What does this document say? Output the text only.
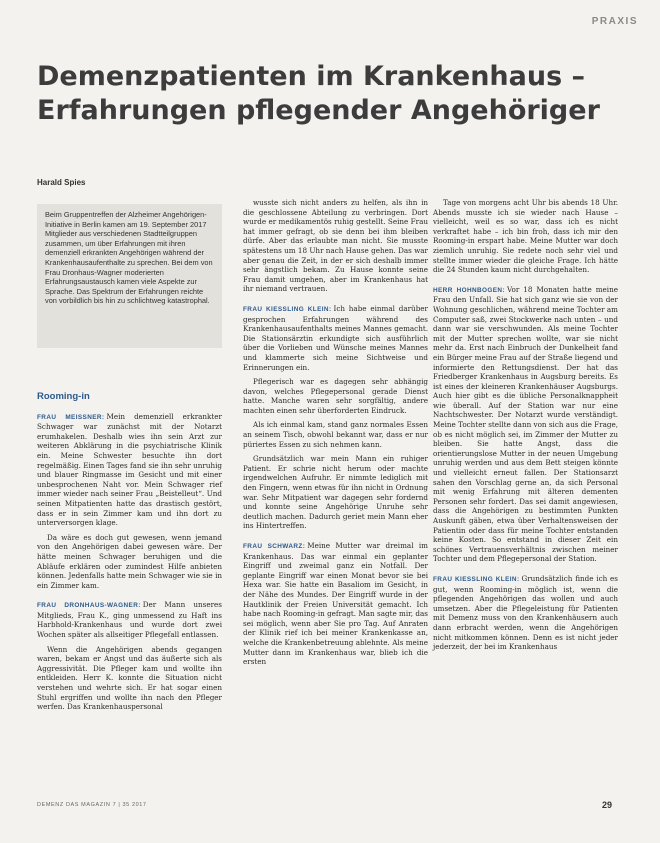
PRAXIS
Demenzpatienten im Krankenhaus –
Erfahrungen pflegender Angehöriger
Harald Spies
Beim Gruppentreffen der Alzheimer Angehörigen-Initiative in Berlin kamen am 19. September 2017 Mitglieder aus verschiedenen Stadtteilgruppen zusammen, um über Erfahrungen mit ihren demenziell erkrankten Angehörigen während der Krankenhausaufenthalte zu sprechen. Bei dem von Frau Dronhaus-Wagner moderierten Erfahrungsaustausch kamen viele Aspekte zur Sprache. Das Spektrum der Erfahrungen reichte von vorbildlich bis hin zu schlichtweg katastrophal.
Rooming-in

FRAU MEISSNER: Mein demenziell erkrankter Schwager war zunächst mit der Notarzt erumhakelen. Deshalb wies ihn sein Arzt zur weiteren Abklärung in die psychiatrische Klinik ein. Meine Schwester besuchte ihn dort regelmäßig. Einen Tages fand sie ihn sehr unruhig und blauer Ringmasse im Gesicht und mit einer unbesprochenen Naht vor. Mein Schwager rief immer wieder nach seiner Frau „Beistelleut“. Und seinen Mitpatienten hatte das drastisch gestört, dass er in sein Zimmer kam und ihn dort zu unterversorgen klage.

Da wäre es doch gut gewesen, wenn jemand von den Angehörigen dabei gewesen wäre. Der hätte meinen Schwager beruhigen und die Abläufe erklären oder zumindest Hilfe anbieten können. Jedenfalls hatte mein Schwager wie sie in ein Zimmer kam.

FRAU DRONHAUS-WAGNER: Der Mann unseres Mitglieds, Frau K., ging unmessend zu Haft ins Harbhold-Krankenhaus und wurde dort zwei Wochen später als allseitiger Pflegefall entlassen.

Wenn die Angehörigen abends gegangen waren, bekam er Angst und das äußerte sich als Aggressivität. Die Pfleger kam und wollte ihn entkleiden. Herr K. konnte die Situation nicht verstehen und wehrte sich. Er hat sogar einen Stuhl ergriffen und wollte ihn nach den Pfleger werfen. Das Krankenhauspersonal

wusste sich nicht anders zu helfen, als ihn in die geschlossene Abteilung zu verbringen. Dort wurde er medikamentös ruhig gestellt. Seine Frau hat immer gefragt, ob sie denn bei ihm bleiben dürfe. Aber das erlaubte man nicht. Sie musste spätestens um 18 Uhr nach Hause gehen. Das war aber genau die Zeit, in der er sich deshalb immer sehr ängstlich bekam. Zu Hause konnte seine Frau damit umgehen, aber im Krankenhaus hat ihr niemand vertrauen.

FRAU KIESSLING KLEIN: Ich habe einmal darüber gesprochen Erfahrungen während des Krankenhausaufenthalts meines Mannes gemacht. Die Stationsärztin erkundigte sich ausführlich über die Vorlieben und Wünsche meines Mannes und klammerte sich meine Sichtweise und Erinnerungen ein.

Pflegerisch war es dagegen sehr abhängig davon, welches Pflegepersonal gerade Dienst hatte. Manche waren sehr sorgfältig, andere machten einen sehr überforderten Eindruck.

Als ich einmal kam, stand ganz normales Essen an seinem Tisch, obwohl bekannt war, dass er nur püriertes Essen zu sich nehmen kann.

Grundsätzlich war mein Mann ein ruhiger Patient. Er schrie nicht herum oder machte irgendwelchen Aufruhr. Er nimmte lediglich mit den Fingern, wenn etwas für ihn nicht in Ordnung war. Sehr Mitpatient war dagegen sehr fordernd und konnte seine Angehörige Unruhe sehr deutlich machen. Dadurch geriet mein Mann eher ins Hintertreffen.

FRAU SCHWARZ: Meine Mutter war dreimal im Krankenhaus. Das war einmal ein geplanter Eingriff und zweimal ganz ein Notfall. Der geplante Eingriff war einen Monat bevor sie bei Hexa war. Sie hatte ein Basaliom im Gesicht, in der Nähe des Mundes. Der Eingriff wurde in der Hautklinik der Freien Universität gemacht. Ich habe nach Rooming-in gefragt. Man sagte mir, das sei möglich, wenn aber Sie pro Tag. Auf Anraten der Klinik rief ich bei meiner Krankenkasse an, welche die Krankenbetreuung ablehnte. Als meine Mutter dann im Krankenhaus war, blieb ich die ersten

Tage von morgens acht Uhr bis abends 18 Uhr. Abends musste ich sie wieder nach Hause – vielleicht, weil es so war, dass ich es nicht verkraftet habe – ich bin froh, dass ich mir den Rooming-in erspart habe. Meine Mutter war doch ziemlich unruhig. Sie redete noch sehr viel und stellte immer wieder die gleiche Frage. Ich hätte die 24 Stunden kaum nicht durchgehalten.

HERR HOHNBOGEN: Vor 18 Monaten hatte meine Frau den Unfall. Sie hat sich ganz wie sie von der Wohnung geschlichen, während meine Tochter am Computer saß, zwei Stockwerke nach unten – und dann war sie verschwunden. Als meine Tochter mit der Mutter sprechen wollte, war sie nicht mehr da. Erst nach Einbruch der Dunkelheit fand ein Bürger meine Frau auf der Straße liegend und informierte den Rettungsdienst. Der hat das Friedberger Krankenhaus in Augsburg bereits. Es ist eines der kleineren Krankenhäuser Augsburgs. Auch hier gibt es die übliche Personalknappheit wie überall. Auf der Station war nur eine Nachtschwester. Der Notarzt wurde verständigt. Meine Tochter stellte dann von sich aus die Frage, ob es nicht möglich sei, im Zimmer der Mutter zu bleiben. Sie hatte Angst, dass die orientierungslose Mutter in der neuen Umgebung unruhig werden und aus dem Bett steigen könnte und vielleicht erneut fallen. Der Stationsarzt sahen den Vorschlag gerne an, da sich Personal mit wenig Erfahrung mit älteren dementen Personen sehr fordert. Das sei damit angewiesen, dass die Angehörigen zu bestimmten Punkten Auskunft gäben, etwa über Verhaltensweisen der Patientin oder dass für meine Tochter entstanden keine Kosten. So entstand in dieser Zeit ein schönes Vertrauensverhältnis zwischen meiner Tochter und dem Pflegepersonal der Station.

FRAU KIESSLING KLEIN: Grundsätzlich finde ich es gut, wenn Rooming-in möglich ist, wenn die pflegenden Angehörigen das wollen und auch umsetzen. Aber die Pflegeleistung für Patienten mit Demenz muss von den Krankenhäusern auch dann erbracht werden, wenn die Angehörigen nicht mitkommen können. Denn es ist nicht jeder jederzeit, der bei im Krankenhaus

DEMENZ DAS MAGAZIN 7 | 35 2017	29
